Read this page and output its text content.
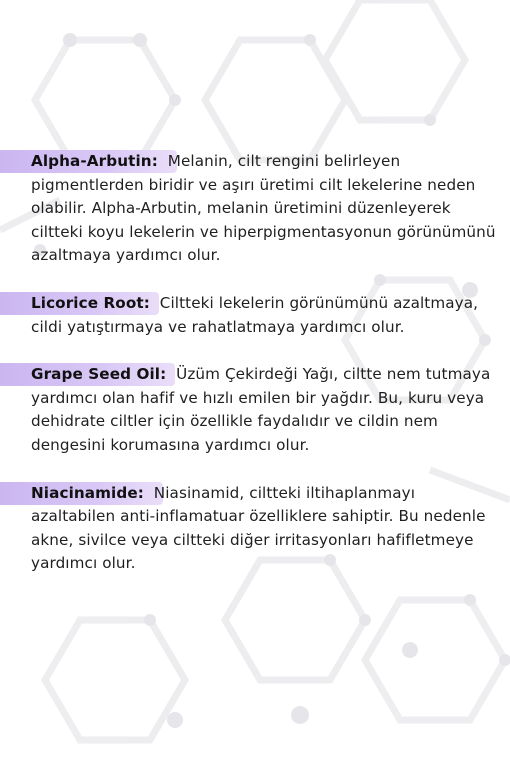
Alpha-Arbutin: Melanin, cilt rengini belirleyen pigmentlerden biridir ve aşırı üretimi cilt lekelerine neden olabilir. Alpha-Arbutin, melanin üretimini düzenleyerek ciltteki koyu lekelerin ve hiperpigmentasyonun görünümünü azaltmaya yardımcı olur.
Licorice Root: Ciltteki lekelerin görünümünü azaltmaya, cildi yatıştırmaya ve rahatlatmaya yardımcı olur.
Grape Seed Oil: Üzüm Çekirdeği Yağı, ciltte nem tutmaya yardımcı olan hafif ve hızlı emilen bir yağdır. Bu, kuru veya dehidrate ciltler için özellikle faydalıdır ve cildin nem dengesini korumasına yardımcı olur.
Niacinamide: Niasinamid, ciltteki iltihaplanmayı azaltabilen anti-inflamatuar özelliklere sahiptir. Bu nedenle akne, sivilce veya ciltteki diğer irritasyonları hafifletmeye yardımcı olur.
